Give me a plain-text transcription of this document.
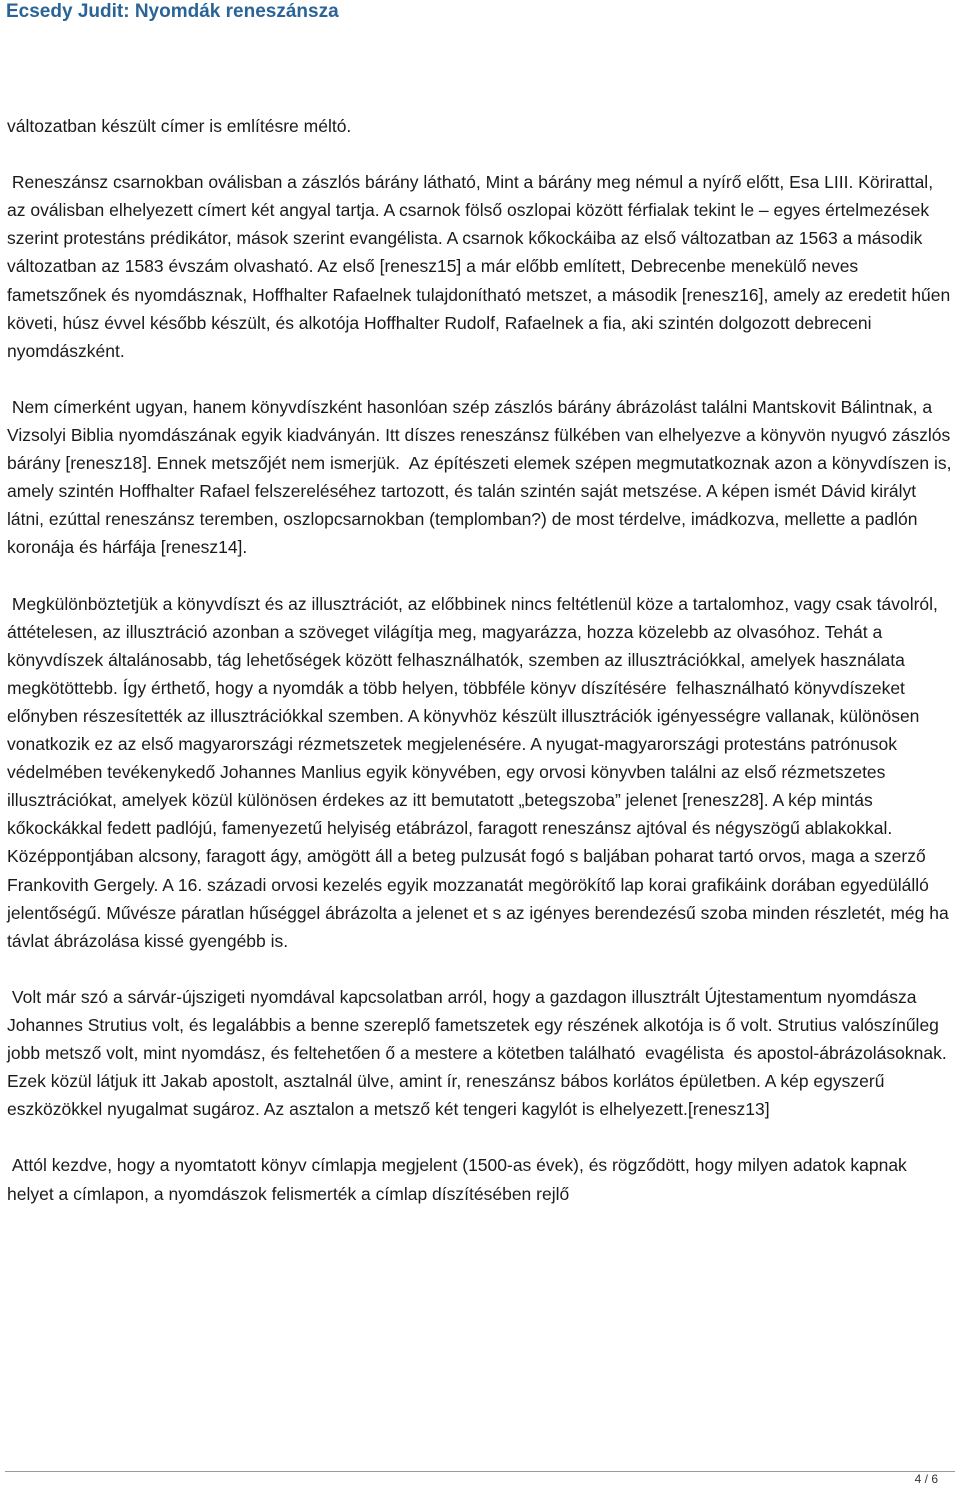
Ecsedy Judit: Nyomdák reneszánsza

változatban készült címer is említésre méltó.

Reneszánsz csarnokban oválisban a zászlós bárány látható, Mint a bárány meg némul a nyírő előtt, Esa LIII. Körirattal, az oválisban elhelyezett címert két angyal tartja. A csarnok fölső oszlopai között férfialak tekint le – egyes értelmezések szerint protestáns prédikátor, mások szerint evangélista. A csarnok kőkockáiba az első változatban az 1563 a második változatban az 1583 évszám olvasható. Az első [renesz15] a már előbb említett, Debrecenbe menekülő neves fametszőnek és nyomdásznak, Hoffhalter Rafaelnek tulajdonítható metszet, a második [renesz16], amely az eredetit hűen követi, húsz évvel később készült, és alkotója Hoffhalter Rudolf, Rafaelnek a fia, aki szintén dolgozott debreceni nyomdászként.

Nem címerként ugyan, hanem könyvdíszként hasonlóan szép zászlós bárány ábrázolást találni Mantskovit Bálintnak, a Vizsolyi Biblia nyomdászának egyik kiadványán. Itt díszes reneszánsz fülkében van elhelyezve a könyvön nyugvó zászlós bárány [renesz18]. Ennek metszőjét nem ismerjük.  Az építészeti elemek szépen megmutatkoznak azon a könyvdíszen is, amely szintén Hoffhalter Rafael felszereléséhez tartozott, és talán szintén saját metszése. A képen ismét Dávid királyt látni, ezúttal reneszánsz teremben, oszlopcsarnokban (templomban?) de most térdelve, imádkozva, mellette a padlón koronája és hárfája [renesz14].

Megkülönböztetjük a könyvdíszt és az illusztrációt, az előbbinek nincs feltétlenül köze a tartalomhoz, vagy csak távolról, áttételesen, az illusztráció azonban a szöveget világítja meg, magyarázza, hozza közelebb az olvasóhoz. Tehát a könyvdíszek általánosabb, tág lehetőségek között felhasználhatók, szemben az illusztrációkkal, amelyek használata megkötöttebb. Így érthető, hogy a nyomdák a több helyen, többféle könyv díszítésére  felhasználható könyvdíszeket előnyben részesítették az illusztrációkkal szemben. A könyvhöz készült illusztrációk igényességre vallanak, különösen vonatkozik ez az első magyarországi rézmetszetek megjelenésére. A nyugat-magyarországi protestáns patrónusok védelmében tevékenykedő Johannes Manlius egyik könyvében, egy orvosi könyvben találni az első rézmetszetes illusztrációkat, amelyek közül különösen érdekes az itt bemutatott „betegszoba” jelenet [renesz28]. A kép mintás kőkockákkal fedett padlójú, famenyezetű helyiség etábrázol, faragott reneszánsz ajtóval és négyszögű ablakokkal. Középpontjában alcsony, faragott ágy, amögött áll a beteg pulzusát fogó s baljában poharat tartó orvos, maga a szerző Frankovith Gergely. A 16. századi orvosi kezelés egyik mozzanatát megörökítő lap korai grafikáink dorában egyedülálló jelentőségű. Művésze páratlan hűséggel ábrázolta a jelenet et s az igényes berendezésű szoba minden részletét, még ha  távlat ábrázolása kissé gyengébb is.

Volt már szó a sárvár-újszigeti nyomdával kapcsolatban arról, hogy a gazdagon illusztrált Újtestamentum nyomdásza Johannes Strutius volt, és legalábbis a benne szereplő fametszetek egy részének alkotója is ő volt. Strutius valószínűleg jobb metsző volt, mint nyomdász, és feltehetően ő a mestere a kötetben található  evagélista  és apostol-ábrázolásoknak. Ezek közül látjuk itt Jakab apostolt, asztalnál ülve, amint ír, reneszánsz bábos korlátos épületben. A kép egyszerű eszközökkel nyugalmat sugároz. Az asztalon a metsző két tengeri kagylót is elhelyezett.[renesz13]

Attól kezdve, hogy a nyomtatott könyv címlapja megjelent (1500-as évek), és rögződött, hogy milyen adatok kapnak helyet a címlapon, a nyomdászok felismerték a címlap díszítésében rejlő

4 / 6
